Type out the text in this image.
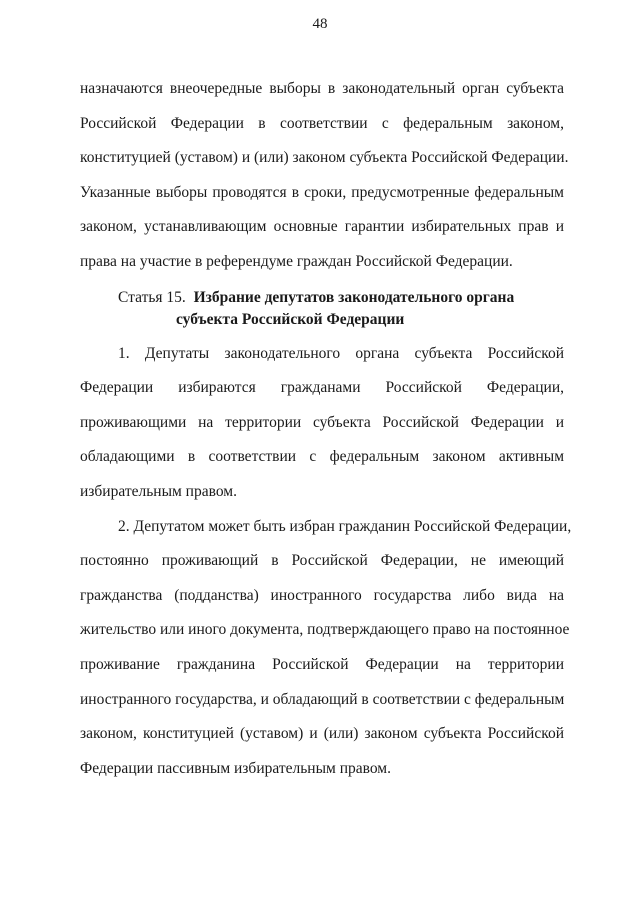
48
назначаются внеочередные выборы в законодательный орган субъекта
Российской Федерации в соответствии с федеральным законом,
конституцией (уставом) и (или) законом субъекта Российской Федерации.
Указанные выборы проводятся в сроки, предусмотренные федеральным
законом, устанавливающим основные гарантии избирательных прав и
права на участие в референдуме граждан Российской Федерации.
Статья 15. Избрание депутатов законодательного органа
субъекта Российской Федерации
1. Депутаты законодательного органа субъекта Российской
Федерации избираются гражданами Российской Федерации,
проживающими на территории субъекта Российской Федерации и
обладающими в соответствии с федеральным законом активным
избирательным правом.
2. Депутатом может быть избран гражданин Российской Федерации,
постоянно проживающий в Российской Федерации, не имеющий
гражданства (подданства) иностранного государства либо вида на
жительство или иного документа, подтверждающего право на постоянное
проживание гражданина Российской Федерации на территории
иностранного государства, и обладающий в соответствии с федеральным
законом, конституцией (уставом) и (или) законом субъекта Российской
Федерации пассивным избирательным правом.
